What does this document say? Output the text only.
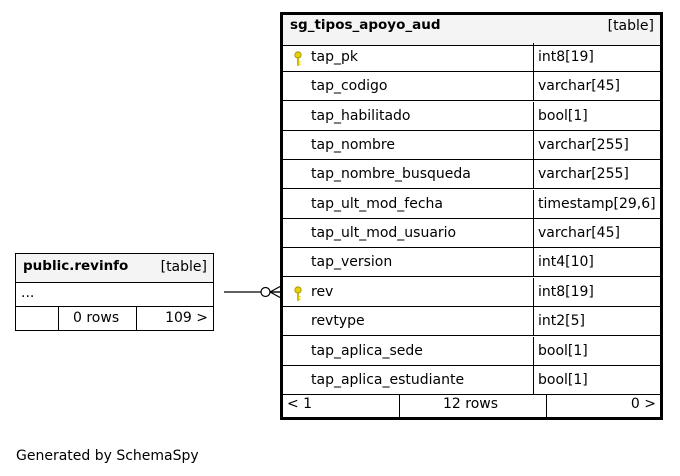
public.revinfo [table]
...
0 rows	109 >
sg_tipos_apoyo_aud	[table]
tap_pk	int8[19]
tap_codigo	varchar[45]
tap_habilitado	bool[1]
tap_nombre	varchar[255]
tap_nombre_busqueda	varchar[255]
tap_ult_mod_fecha	timestamp[29,6]
tap_ult_mod_usuario	varchar[45]
tap_version	int4[10]
rev	int8[19]
revtype	int2[5]
tap_aplica_sede	bool[1]
tap_aplica_estudiante	bool[1]
< 1	12 rows	0 >
Generated by SchemaSpy
